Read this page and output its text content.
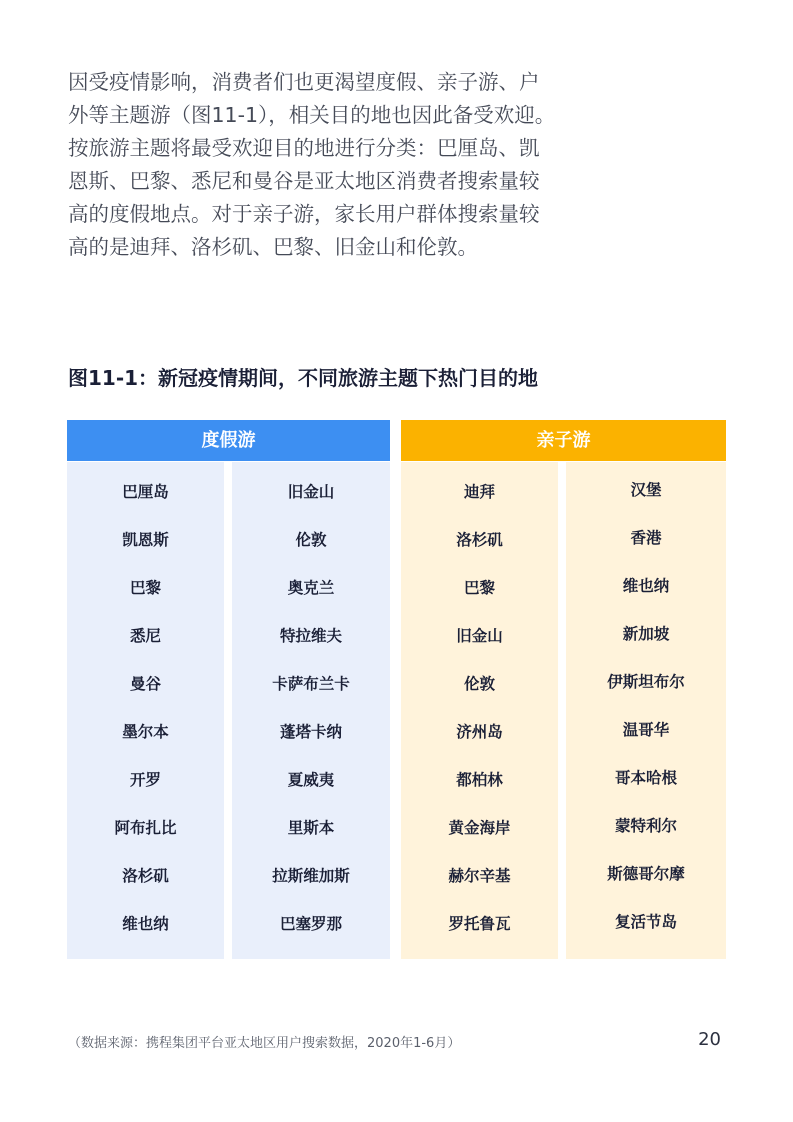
因受疫情影响，消费者们也更渴望度假、亲子游、户
外等主题游（图11-1），相关目的地也因此备受欢迎。
按旅游主题将最受欢迎目的地进行分类：巴厘岛、凯
恩斯、巴黎、悉尼和曼谷是亚太地区消费者搜索量较
高的度假地点。对于亲子游，家长用户群体搜索量较
高的是迪拜、洛杉矶、巴黎、旧金山和伦敦。
图11-1：新冠疫情期间，不同旅游主题下热门目的地
度假游	亲子游
巴厘岛
凯恩斯
巴黎
悉尼
曼谷
墨尔本
开罗
阿布扎比
洛杉矶
维也纳
旧金山
伦敦
奥克兰
特拉维夫
卡萨布兰卡
蓬塔卡纳
夏威夷
里斯本
拉斯维加斯
巴塞罗那
迪拜
洛杉矶
巴黎
旧金山
伦敦
济州岛
都柏林
黄金海岸
赫尔辛基
罗托鲁瓦
汉堡
香港
维也纳
新加坡
伊斯坦布尔
温哥华
哥本哈根
蒙特利尔
斯德哥尔摩
复活节岛

（数据来源：携程集团平台亚太地区用户搜索数据，2020年1-6月）	20
